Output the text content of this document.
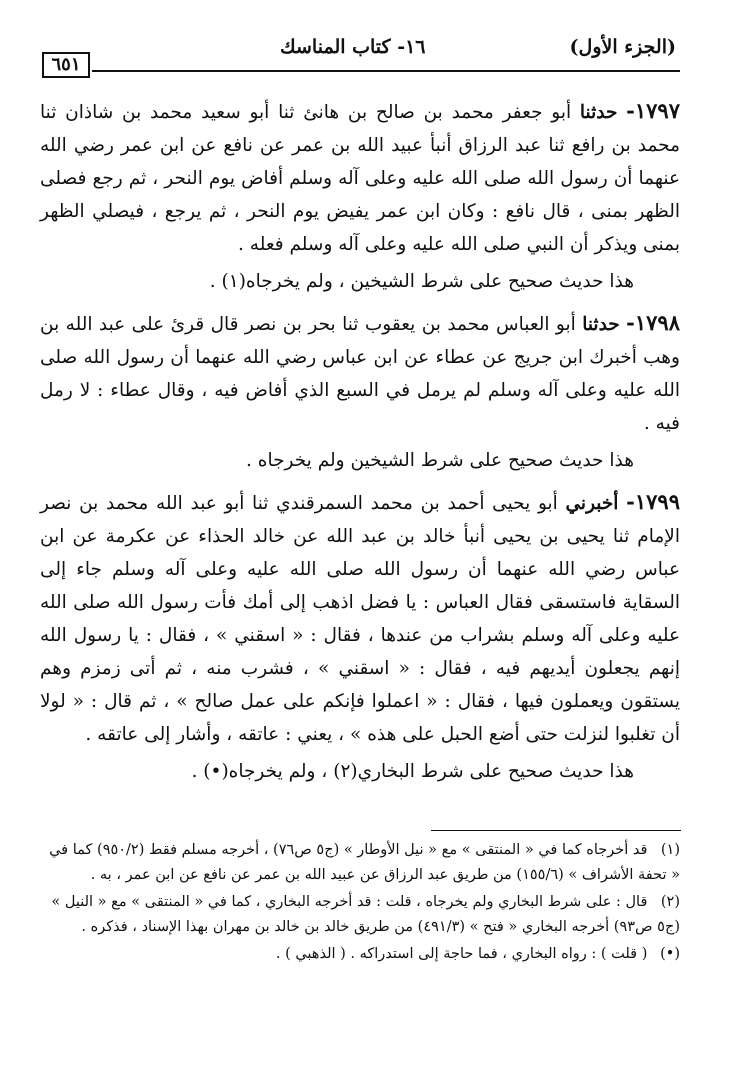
٦٥١
١٦- كتاب المناسك	(الجزء الأول)

١٧٩٧- حدثنا أبو جعفر محمد بن صالح بن هانئ ثنا أبو سعيد محمد بن شاذان ثنا محمد بن رافع ثنا عبد الرزاق أنبأ عبيد الله بن عمر عن نافع عن ابن عمر رضي الله عنهما أن رسول الله صلى الله عليه وعلى آله وسلم أفاض يوم النحر ، ثم رجع فصلى الظهر بمنى ، قال نافع : وكان ابن عمر يفيض يوم النحر ، ثم يرجع ، فيصلي الظهر بمنى ويذكر أن النبي صلى الله عليه وعلى آله وسلم فعله .

هذا حديث صحيح على شرط الشيخين ، ولم يخرجاه(١) .

١٧٩٨- حدثنا أبو العباس محمد بن يعقوب ثنا بحر بن نصر قال قرئ على عبد الله بن وهب أخبرك ابن جريج عن عطاء عن ابن عباس رضي الله عنهما أن رسول الله صلى الله عليه وعلى آله وسلم لم يرمل في السبع الذي أفاض فيه ، وقال عطاء : لا رمل فيه .

هذا حديث صحيح على شرط الشيخين ولم يخرجاه .

١٧٩٩- أخبرني أبو يحيى أحمد بن محمد السمرقندي ثنا أبو عبد الله محمد بن نصر الإمام ثنا يحيى بن يحيى أنبأ خالد بن عبد الله عن خالد الحذاء عن عكرمة عن ابن عباس رضي الله عنهما أن رسول الله صلى الله عليه وعلى آله وسلم جاء إلى السقاية فاستسقى فقال العباس : يا فضل اذهب إلى أمك فأت رسول الله صلى الله عليه وعلى آله وسلم بشراب من عندها ، فقال : « اسقني » ، فقال : يا رسول الله إنهم يجعلون أيديهم فيه ، فقال : « اسقني » ، فشرب منه ، ثم أتى زمزم وهم يستقون ويعملون فيها ، فقال : « اعملوا فإنكم على عمل صالح » ، ثم قال : « لولا أن تغلبوا لنزلت حتى أضع الحبل على هذه » ، يعني : عاتقه ، وأشار إلى عاتقه .

هذا حديث صحيح على شرط البخاري(٢) ، ولم يخرجاه(•) .

(١) قد أخرجاه كما في « المنتقى » مع « نيل الأوطار » (ج٥ ص٧٦) ، أخرجه مسلم فقط (٩٥٠/٢) كما في « تحفة الأشراف » (١٥٥/٦) من طريق عبد الرزاق عن عبيد الله بن عمر عن نافع عن ابن عمر ، به .

(٢) قال : على شرط البخاري ولم يخرجاه ، قلت : قد أخرجه البخاري ، كما في « المنتقى » مع « النيل » (ج٥ ص٩٣) أخرجه البخاري « فتح » (٤٩١/٣) من طريق خالد بن خالد بن مهران بهذا الإسناد ، فذكره .

(•) ( قلت ) : رواه البخاري ، فما حاجة إلى استدراكه . ( الذهبي ) .
